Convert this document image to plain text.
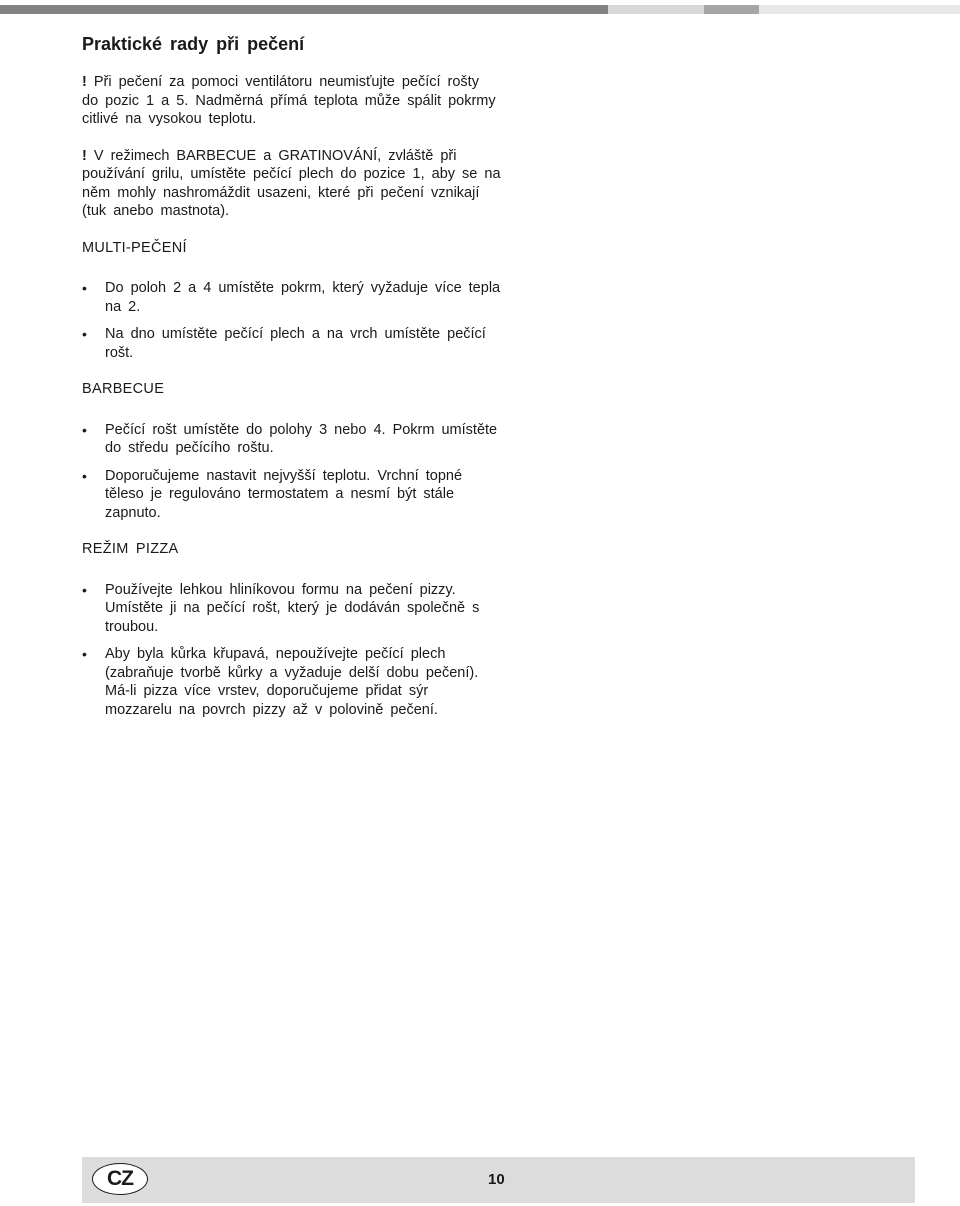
Praktické rady při pečení

! Při pečení za pomoci ventilátoru neumisťujte pečící rošty do pozic 1 a 5. Nadměrná přímá teplota může spálit pokrmy citlivé na vysokou teplotu.

! V režimech BARBECUE a GRATINOVÁNÍ, zvláště při používání grilu, umístěte pečící plech do pozice 1, aby se na něm mohly nashromáždit usazeni, které při pečení vznikají (tuk anebo mastnota).

MULTI-PEČENÍ
• Do poloh 2 a 4 umístěte pokrm, který vyžaduje více tepla na 2.
• Na dno umístěte pečící plech a na vrch umístěte pečící rošt.
BARBECUE
• Pečící rošt umístěte do polohy 3 nebo 4. Pokrm umístěte do středu pečícího roštu.
• Doporučujeme nastavit nejvyšší teplotu. Vrchní topné těleso je regulováno termostatem a nesmí být stále zapnuto.
REŽIM PIZZA
• Používejte lehkou hliníkovou formu na pečení pizzy. Umístěte ji na pečící rošt, který je dodáván společně s troubou.
• Aby byla kůrka křupavá, nepoužívejte pečící plech (zabraňuje tvorbě kůrky a vyžaduje delší dobu pečení). Má-li pizza více vrstev, doporučujeme přidat sýr mozzarelu na povrch pizzy až v polovině pečení.
CZ	10
